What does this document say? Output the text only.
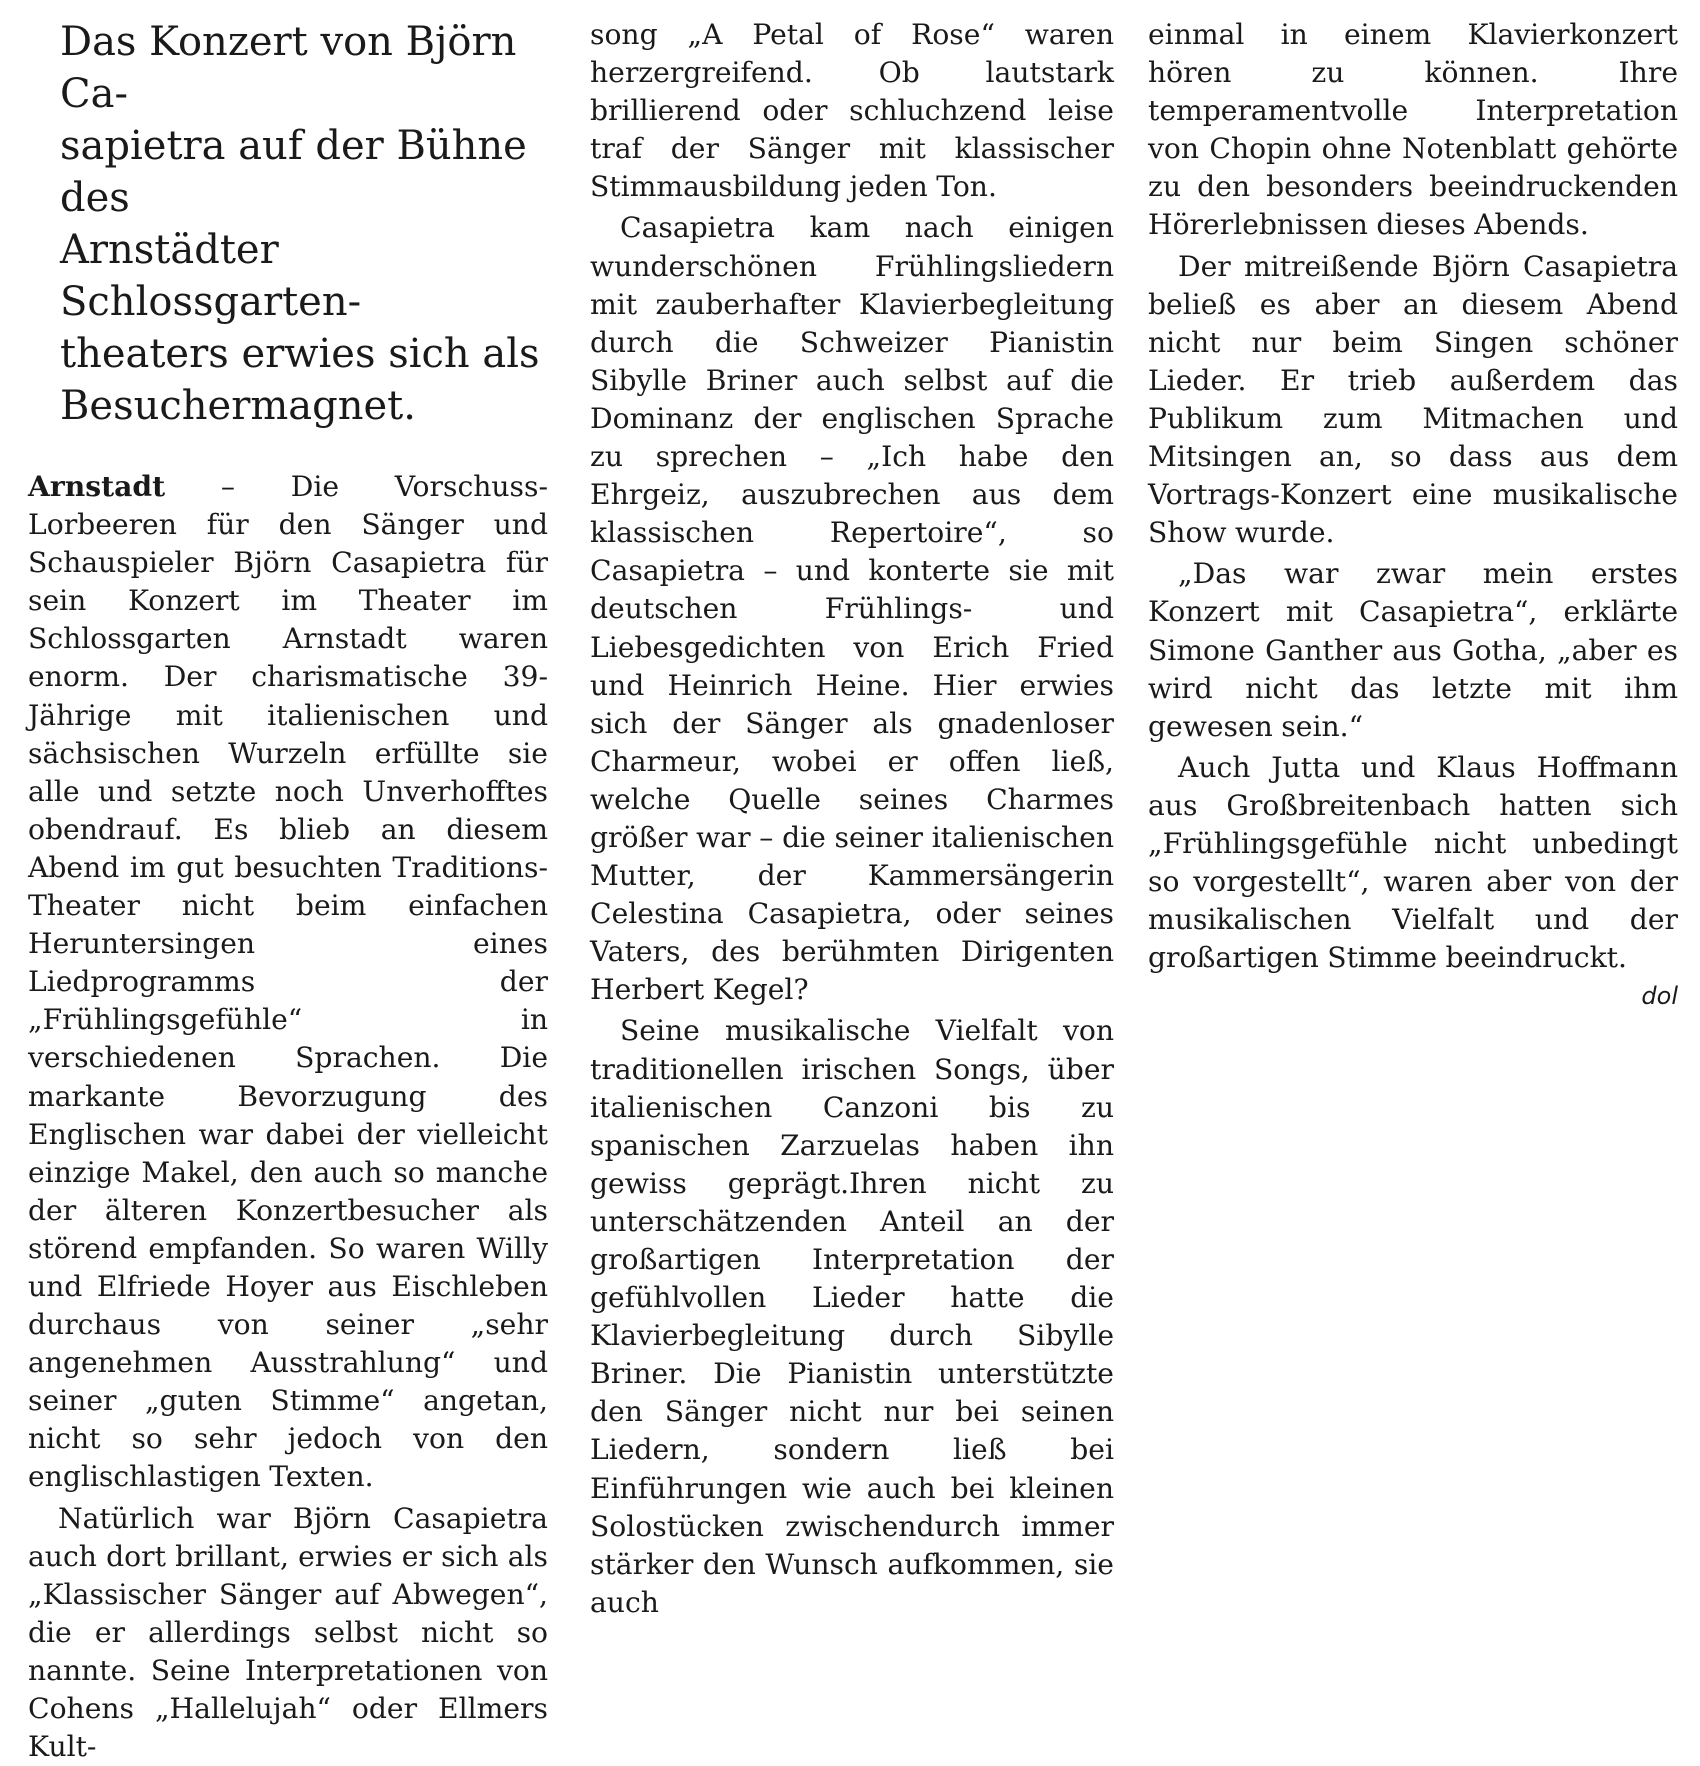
Das Konzert von Björn Ca-
sapietra auf der Bühne des
Arnstädter Schlossgarten-
theaters erwies sich als
Besuchermagnet.

Arnstadt – Die Vorschuss-Lorbeeren für den Sänger und Schauspieler Björn Casapietra für sein Konzert im Theater im Schlossgarten Arnstadt waren enorm. Der charismatische 39-Jährige mit italienischen und sächsischen Wurzeln erfüllte sie alle und setzte noch Unverhofftes obendrauf. Es blieb an diesem Abend im gut besuchten Traditions-Theater nicht beim einfachen Heruntersingen eines Liedprogramms der „Frühlingsgefühle“ in verschiedenen Sprachen. Die markante Bevorzugung des Englischen war dabei der vielleicht einzige Makel, den auch so manche der älteren Konzertbesucher als störend empfanden. So waren Willy und Elfriede Hoyer aus Eischleben durchaus von seiner „sehr angenehmen Ausstrahlung“ und seiner „guten Stimme“ angetan, nicht so sehr jedoch von den englischlastigen Texten.

Natürlich war Björn Casapietra auch dort brillant, erwies er sich als „Klassischer Sänger auf Abwegen“, die er allerdings selbst nicht so nannte. Seine Interpretationen von Cohens „Hallelujah“ oder Ellmers Kult-

song „A Petal of Rose“ waren herzergreifend. Ob lautstark brillierend oder schluchzend leise traf der Sänger mit klassischer Stimmausbildung jeden Ton.

Casapietra kam nach einigen wunderschönen Frühlingsliedern mit zauberhafter Klavierbegleitung durch die Schweizer Pianistin Sibylle Briner auch selbst auf die Dominanz der englischen Sprache zu sprechen – „Ich habe den Ehrgeiz, auszubrechen aus dem klassischen Repertoire“, so Casapietra – und konterte sie mit deutschen Frühlings- und Liebesgedichten von Erich Fried und Heinrich Heine. Hier erwies sich der Sänger als gnadenloser Charmeur, wobei er offen ließ, welche Quelle seines Charmes größer war – die seiner italienischen Mutter, der Kammersängerin Celestina Casapietra, oder seines Vaters, des berühmten Dirigenten Herbert Kegel?

Seine musikalische Vielfalt von traditionellen irischen Songs, über italienischen Canzoni bis zu spanischen Zarzuelas haben ihn gewiss geprägt.Ihren nicht zu unterschätzenden Anteil an der großartigen Interpretation der gefühlvollen Lieder hatte die Klavierbegleitung durch Sibylle Briner. Die Pianistin unterstützte den Sänger nicht nur bei seinen Liedern, sondern ließ bei Einführungen wie auch bei kleinen Solostücken zwischendurch immer stärker den Wunsch aufkommen, sie auch

einmal in einem Klavierkonzert hören zu können. Ihre temperamentvolle Interpretation von Chopin ohne Notenblatt gehörte zu den besonders beeindruckenden Hörerlebnissen dieses Abends.

Der mitreißende Björn Casapietra beließ es aber an diesem Abend nicht nur beim Singen schöner Lieder. Er trieb außerdem das Publikum zum Mitmachen und Mitsingen an, so dass aus dem Vortrags-Konzert eine musikalische Show wurde.

„Das war zwar mein erstes Konzert mit Casapietra“, erklärte Simone Ganther aus Gotha, „aber es wird nicht das letzte mit ihm gewesen sein.“

Auch Jutta und Klaus Hoffmann aus Großbreitenbach hatten sich „Frühlingsgefühle nicht unbedingt so vorgestellt“, waren aber von der musikalischen Vielfalt und der großartigen Stimme beeindruckt.
dol
